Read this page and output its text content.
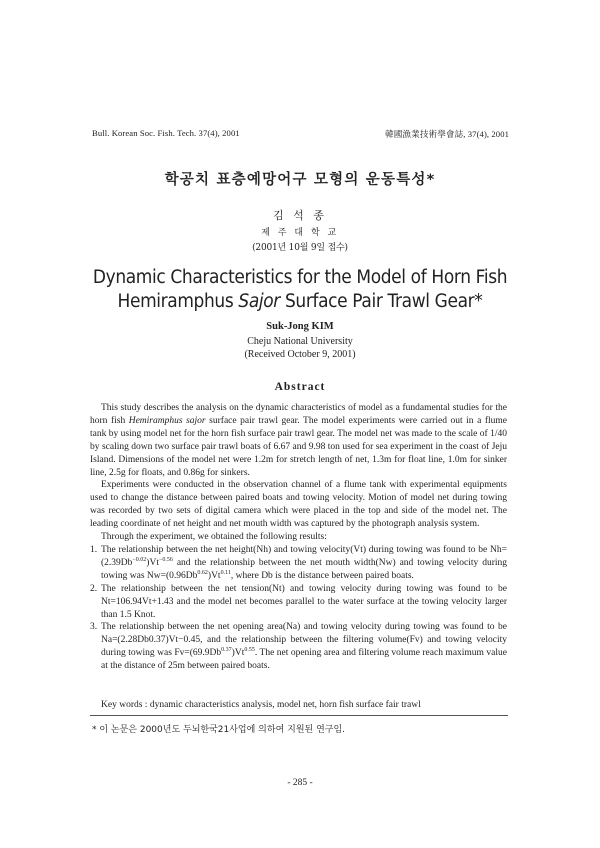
Bull. Korean Soc. Fish. Tech. 37(4), 2001	韓國漁業技術學會誌, 37(4), 2001
학공치 표층예망어구 모형의 운동특성*
김 석 종
제 주 대 학 교
(2001년 10월 9일 접수)
Dynamic Characteristics for the Model of Horn Fish
Hemiramphus Sajor Surface Pair Trawl Gear*
Suk-Jong KIM
Cheju National University
(Received October 9, 2001)
Abstract

This study describes the analysis on the dynamic characteristics of model as a fundamental studies for the horn fish Hemiramphus sajor surface pair trawl gear. The model experiments were carried out in a flume tank by using model net for the horn fish surface pair trawl gear. The model net was made to the scale of 1/40 by scaling down two surface pair trawl boats of 6.67 and 9.98 ton used for sea experiment in the coast of Jeju Island. Dimensions of the model net were 1.2m for stretch length of net, 1.3m for float line, 1.0m for sinker line, 2.5g for floats, and 0.86g for sinkers.

Experiments were conducted in the observation channel of a flume tank with experimental equipments used to change the distance between paired boats and towing velocity. Motion of model net during towing was recorded by two sets of digital camera which were placed in the top and side of the model net. The leading coordinate of net height and net mouth width was captured by the photograph analysis system.

Through the experiment, we obtained the following results:

1. The relationship between the net height(Nh) and towing velocity(Vt) during towing was found to be $Nh=(2.39Db^{-0.02})Vt^{-0.56}$ and the relationship between the net mouth width(Nw) and towing velocity during towing was $Nw=(0.96Db^{0.62})Vt^{0.11}$, where Db is the distance between paired boats.
2. The relationship between the net tension(Nt) and towing velocity during towing was found to be Nt=106.94Vt+1.43 and the model net becomes parallel to the water surface at the towing velocity larger than 1.5 Knot.
3. The relationship between the net opening area(Na) and towing velocity during towing was found to be Na=(2.28Db0.37)Vt−0.45, and the relationship between the filtering volume(Fv) and towing velocity during towing was $Fv=(69.9Db^{0.37})Vt^{0.55}$. The net opening area and filtering volume reach maximum value at the distance of 25m between paired boats.
Key words : dynamic characteristics analysis, model net, horn fish surface fair trawl
* 이 논문은 2000년도 두뇌한국21사업에 의하여 지원된 연구임.
- 285 -
